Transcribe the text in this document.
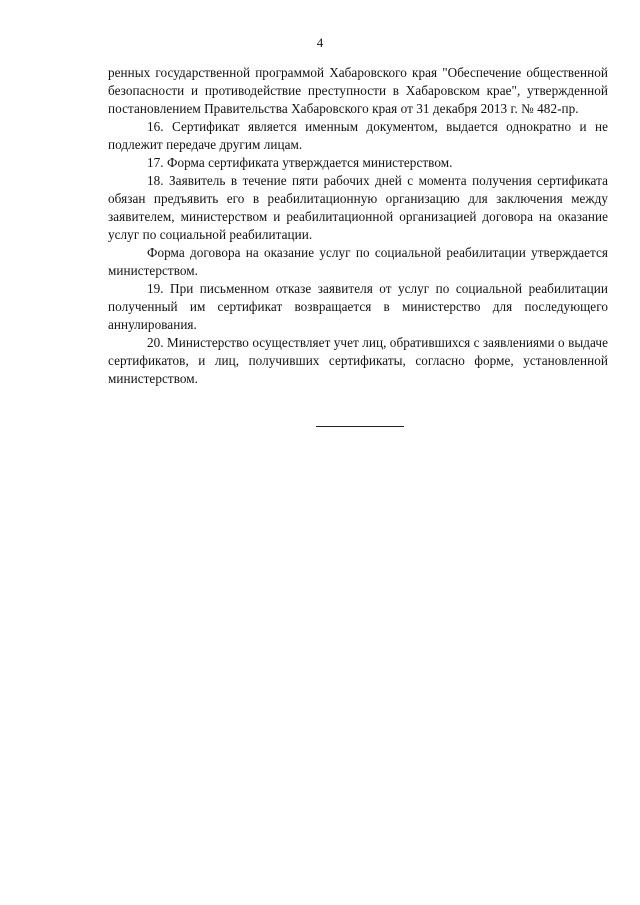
4

ренных государственной программой Хабаровского края "Обеспечение общественной безопасности и противодействие преступности в Хабаровском крае", утвержденной постановлением Правительства Хабаровского края от 31 декабря 2013 г. № 482-пр.

16. Сертификат является именным документом, выдается однократно и не подлежит передаче другим лицам.

17. Форма сертификата утверждается министерством.

18. Заявитель в течение пяти рабочих дней с момента получения сертификата обязан предъявить его в реабилитационную организацию для заключения между заявителем, министерством и реабилитационной организацией договора на оказание услуг по социальной реабилитации.

Форма договора на оказание услуг по социальной реабилитации утверждается министерством.

19. При письменном отказе заявителя от услуг по социальной реабилитации полученный им сертификат возвращается в министерство для последующего аннулирования.

20. Министерство осуществляет учет лиц, обратившихся с заявлениями о выдаче сертификатов, и лиц, получивших сертификаты, согласно форме, установленной министерством.
